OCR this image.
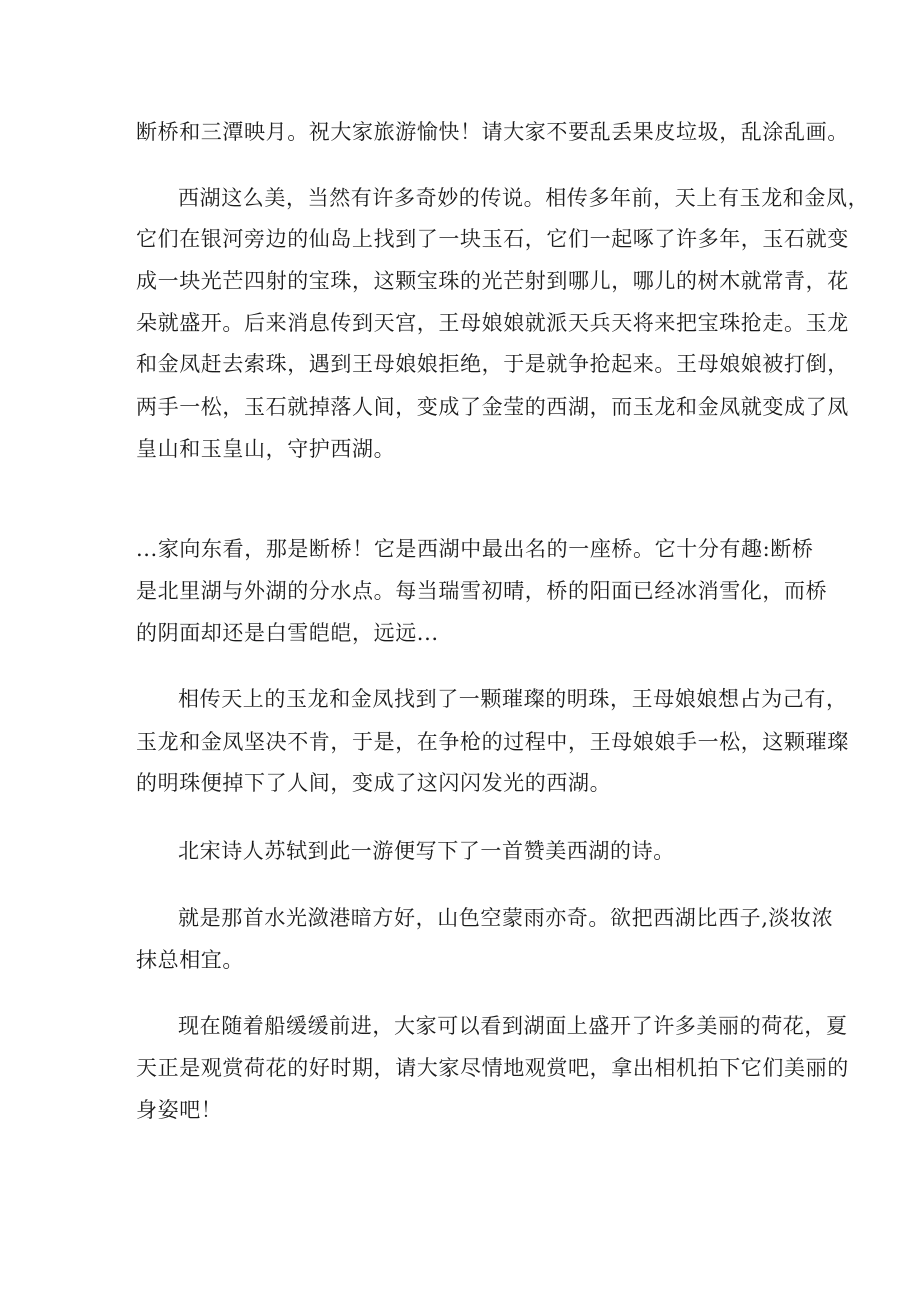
断桥和三潭映月。祝大家旅游愉快！请大家不要乱丢果皮垃圾，乱涂乱画。
西湖这么美，当然有许多奇妙的传说。相传多年前，天上有玉龙和金凤，
它们在银河旁边的仙岛上找到了一块玉石，它们一起啄了许多年，玉石就变
成一块光芒四射的宝珠，这颗宝珠的光芒射到哪儿，哪儿的树木就常青，花
朵就盛开。后来消息传到天宫，王母娘娘就派天兵天将来把宝珠抢走。玉龙
和金凤赶去索珠，遇到王母娘娘拒绝，于是就争抢起来。王母娘娘被打倒，
两手一松，玉石就掉落人间，变成了金莹的西湖，而玉龙和金凤就变成了凤
皇山和玉皇山，守护西湖。
...家向东看，那是断桥！它是西湖中最出名的一座桥。它十分有趣:断桥
是北里湖与外湖的分水点。每当瑞雪初晴，桥的阳面已经冰消雪化，而桥
的阴面却还是白雪皑皑，远远...
相传天上的玉龙和金凤找到了一颗璀璨的明珠，王母娘娘想占为己有，
玉龙和金凤坚决不肯，于是，在争枪的过程中，王母娘娘手一松，这颗璀璨
的明珠便掉下了人间，变成了这闪闪发光的西湖。
北宋诗人苏轼到此一游便写下了一首赞美西湖的诗。
就是那首水光潋港暗方好，山色空蒙雨亦奇。欲把西湖比西子,淡妆浓
抹总相宜。
现在随着船缓缓前进，大家可以看到湖面上盛开了许多美丽的荷花，夏
天正是观赏荷花的好时期，请大家尽情地观赏吧，拿出相机拍下它们美丽的
身姿吧！
